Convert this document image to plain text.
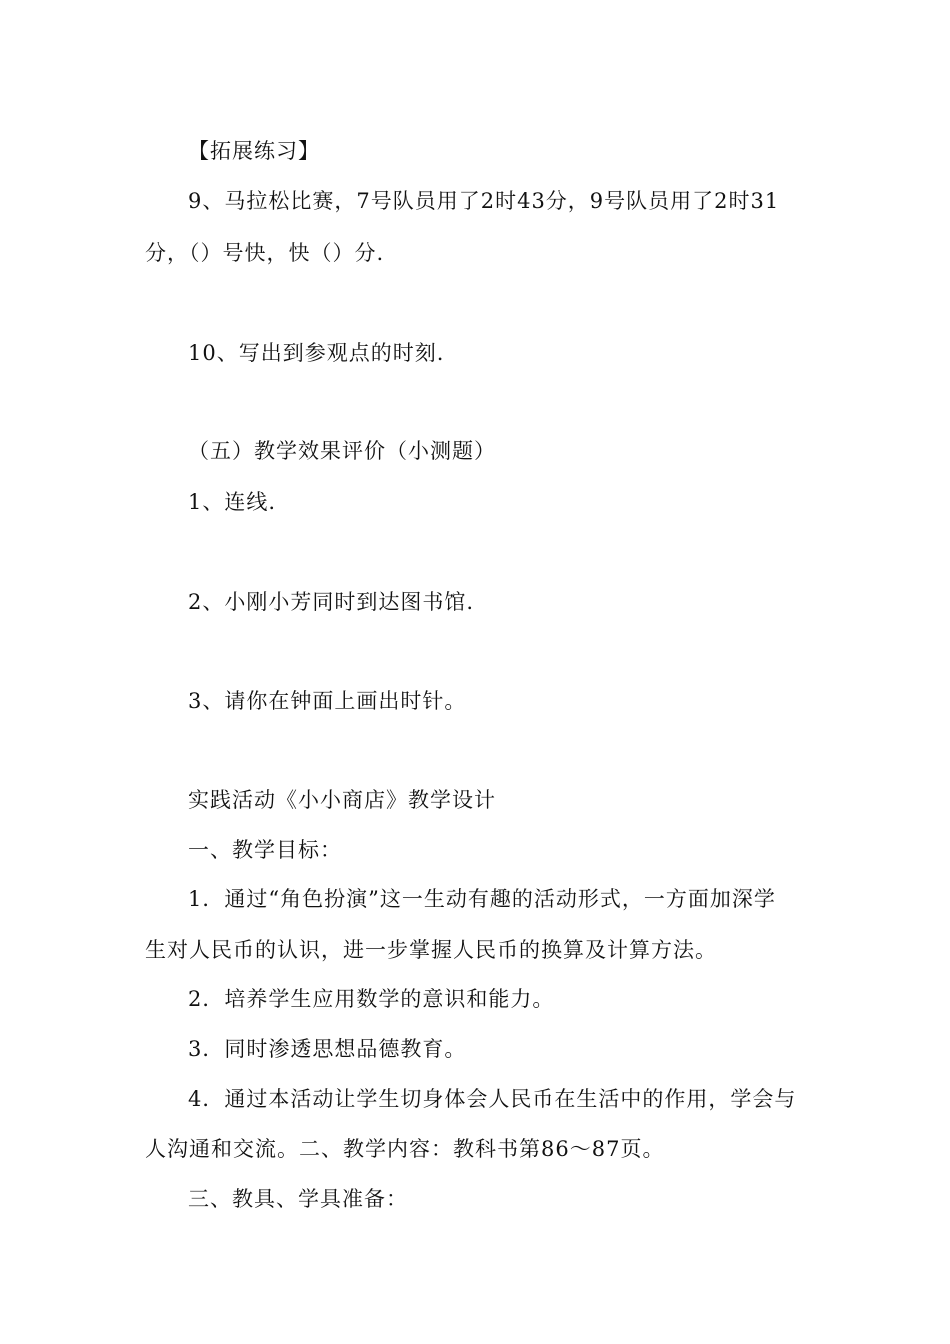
【拓展练习】
9、马拉松比赛，7号队员用了2时43分，9号队员用了2时31
分，（）号快，快（）分.
10、写出到参观点的时刻.
（五）教学效果评价（小测题）
1、连线.
2、小刚小芳同时到达图书馆.
3、请你在钟面上画出时针。
实践活动《小小商店》教学设计
一、教学目标：
1．通过“角色扮演”这一生动有趣的活动形式，一方面加深学
生对人民币的认识，进一步掌握人民币的换算及计算方法。
2．培养学生应用数学的意识和能力。
3．同时渗透思想品德教育。
4．通过本活动让学生切身体会人民币在生活中的作用，学会与
人沟通和交流。二、教学内容：教科书第86～87页。
三、教具、学具准备：
